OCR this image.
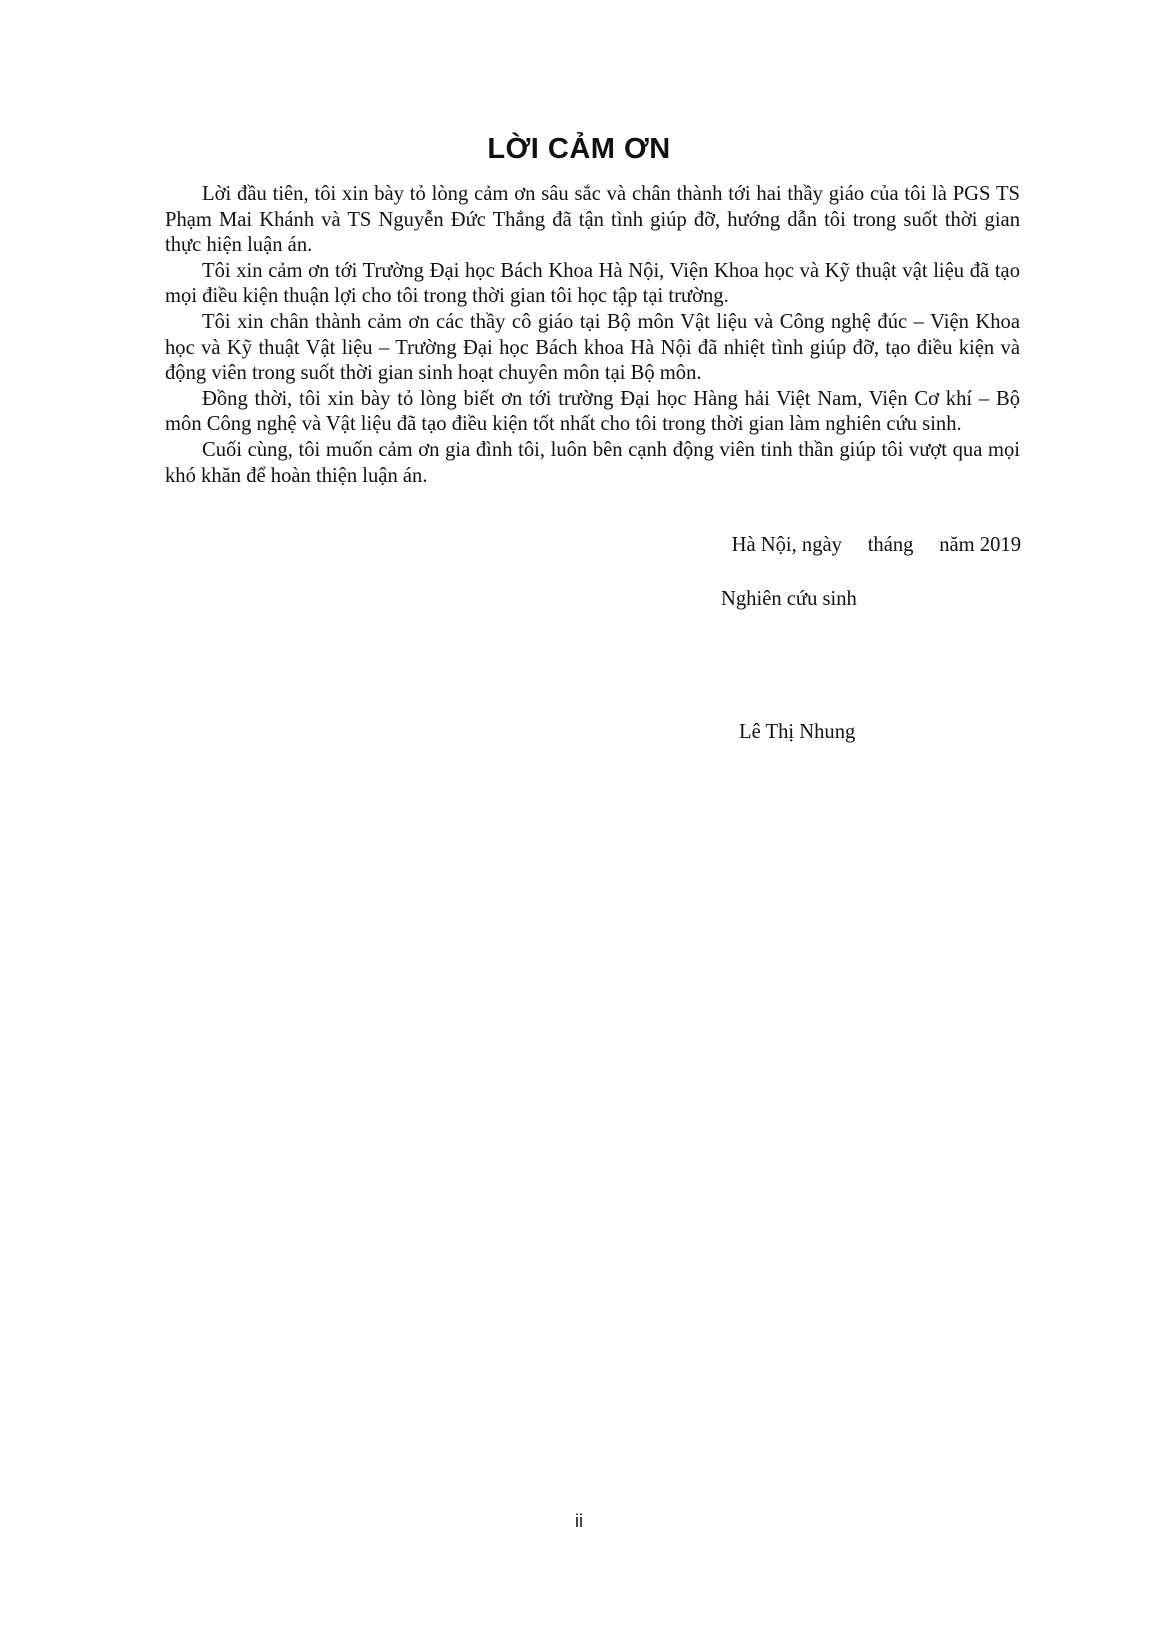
LỜI CẢM ƠN

Lời đầu tiên, tôi xin bày tỏ lòng cảm ơn sâu sắc và chân thành tới hai thầy giáo của tôi là PGS TS Phạm Mai Khánh và TS Nguyễn Đức Thắng đã tận tình giúp đỡ, hướng dẫn tôi trong suốt thời gian thực hiện luận án.

Tôi xin cảm ơn tới Trường Đại học Bách Khoa Hà Nội, Viện Khoa học và Kỹ thuật vật liệu đã tạo mọi điều kiện thuận lợi cho tôi trong thời gian tôi học tập tại trường.

Tôi xin chân thành cảm ơn các thầy cô giáo tại Bộ môn Vật liệu và Công nghệ đúc – Viện Khoa học và Kỹ thuật Vật liệu – Trường Đại học Bách khoa Hà Nội đã nhiệt tình giúp đỡ, tạo điều kiện và động viên trong suốt thời gian sinh hoạt chuyên môn tại Bộ môn.

Đồng thời, tôi xin bày tỏ lòng biết ơn tới trường Đại học Hàng hải Việt Nam, Viện Cơ khí – Bộ môn Công nghệ và Vật liệu đã tạo điều kiện tốt nhất cho tôi trong thời gian làm nghiên cứu sinh.

Cuối cùng, tôi muốn cảm ơn gia đình tôi, luôn bên cạnh động viên tinh thần giúp tôi vượt qua mọi khó khăn để hoàn thiện luận án.

Hà Nội, ngày     tháng     năm 2019

Nghiên cứu sinh

Lê Thị Nhung

ii
